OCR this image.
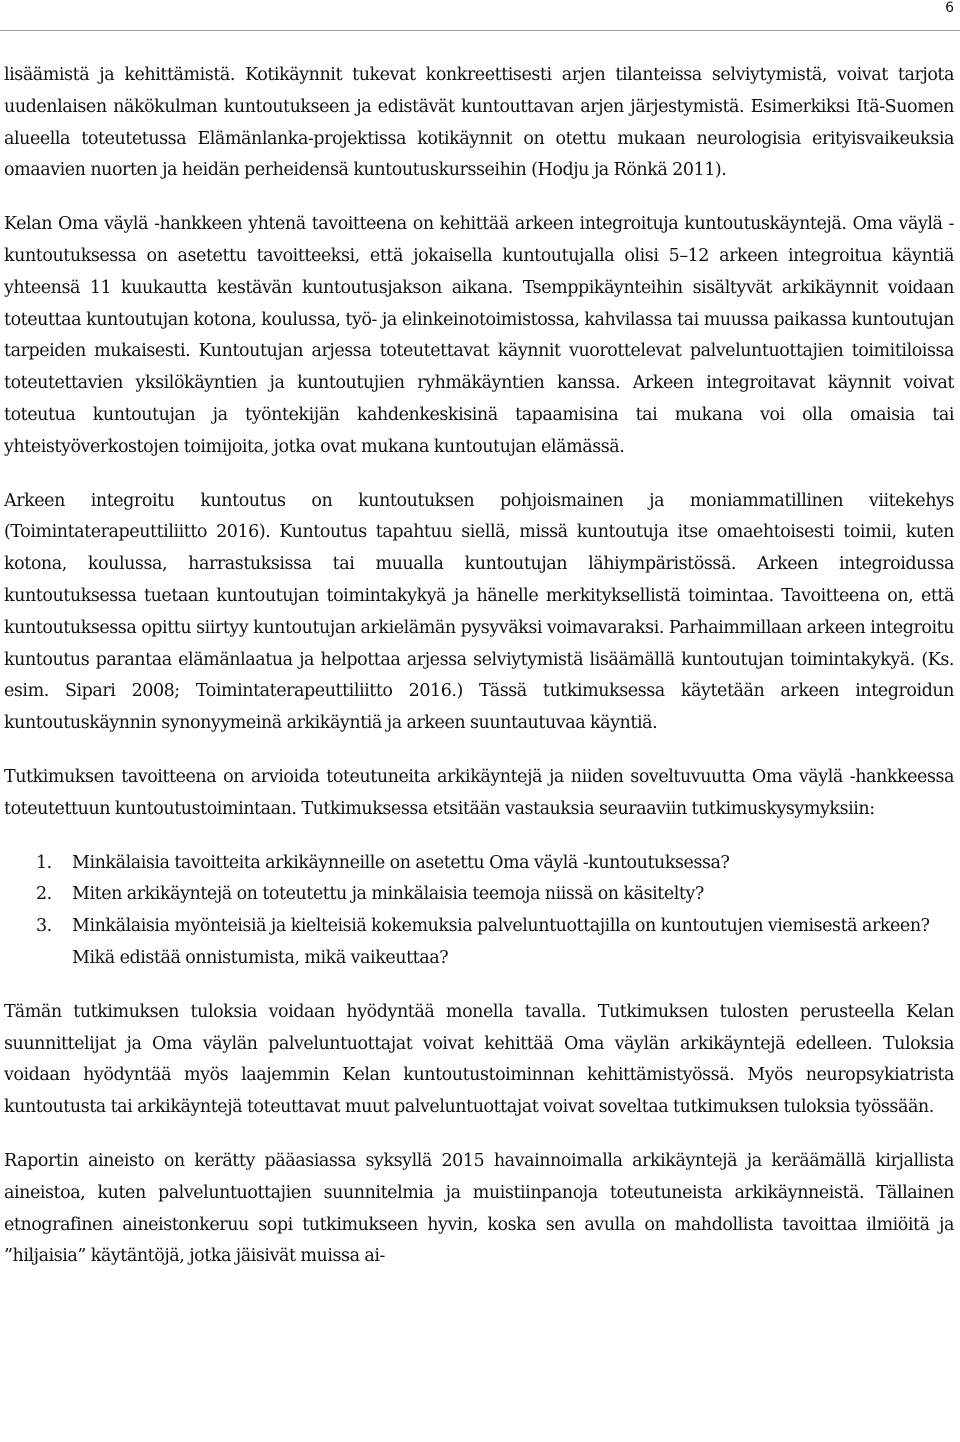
6

lisäämistä ja kehittämistä. Kotikäynnit tukevat konkreettisesti arjen tilanteissa selviytymistä, voivat tarjota uudenlaisen näkökulman kuntoutukseen ja edistävät kuntouttavan arjen järjestymistä. Esimerkiksi Itä-Suomen alueella toteutetussa Elämänlanka-projektissa kotikäynnit on otettu mukaan neurologisia erityisvaikeuksia omaavien nuorten ja heidän perheidensä kuntoutuskursseihin (Hodju ja Rönkä 2011).

Kelan Oma väylä -hankkeen yhtenä tavoitteena on kehittää arkeen integroituja kuntoutuskäyntejä. Oma väylä -kuntoutuksessa on asetettu tavoitteeksi, että jokaisella kuntoutujalla olisi 5–12 arkeen integroitua käyntiä yhteensä 11 kuukautta kestävän kuntoutusjakson aikana. Tsemppikäynteihin sisältyvät arkikäynnit voidaan toteuttaa kuntoutujan kotona, koulussa, työ- ja elinkeinotoimistossa, kahvilassa tai muussa paikassa kuntoutujan tarpeiden mukaisesti. Kuntoutujan arjessa toteutettavat käynnit vuorottelevat palveluntuottajien toimitiloissa toteutettavien yksilökäyntien ja kuntoutujien ryhmäkäyntien kanssa. Arkeen integroitavat käynnit voivat toteutua kuntoutujan ja työntekijän kahdenkeskisinä tapaamisina tai mukana voi olla omaisia tai yhteistyöverkostojen toimijoita, jotka ovat mukana kuntoutujan elämässä.

Arkeen integroitu kuntoutus on kuntoutuksen pohjoismainen ja moniammatillinen viitekehys (Toimintaterapeuttiliitto 2016). Kuntoutus tapahtuu siellä, missä kuntoutuja itse omaehtoisesti toimii, kuten kotona, koulussa, harrastuksissa tai muualla kuntoutujan lähiympäristössä. Arkeen integroidussa kuntoutuksessa tuetaan kuntoutujan toimintakykyä ja hänelle merkityksellistä toimintaa. Tavoitteena on, että kuntoutuksessa opittu siirtyy kuntoutujan arkielämän pysyväksi voimavaraksi. Parhaimmillaan arkeen integroitu kuntoutus parantaa elämänlaatua ja helpottaa arjessa selviytymistä lisäämällä kuntoutujan toimintakykyä. (Ks. esim. Sipari 2008; Toimintaterapeuttiliitto 2016.) Tässä tutkimuksessa käytetään arkeen integroidun kuntoutuskäynnin synonyymeinä arkikäyntiä ja arkeen suuntautuvaa käyntiä.

Tutkimuksen tavoitteena on arvioida toteutuneita arkikäyntejä ja niiden soveltuvuutta Oma väylä -hankkeessa toteutettuun kuntoutustoimintaan. Tutkimuksessa etsitään vastauksia seuraaviin tutkimuskysymyksiin:

1.	Minkälaisia tavoitteita arkikäynneille on asetettu Oma väylä -kuntoutuksessa?
2.	Miten arkikäyntejä on toteutettu ja minkälaisia teemoja niissä on käsitelty?
3.	Minkälaisia myönteisiä ja kielteisiä kokemuksia palveluntuottajilla on kuntoutujen viemisestä arkeen? Mikä edistää onnistumista, mikä vaikeuttaa?

Tämän tutkimuksen tuloksia voidaan hyödyntää monella tavalla. Tutkimuksen tulosten perusteella Kelan suunnittelijat ja Oma väylän palveluntuottajat voivat kehittää Oma väylän arkikäyntejä edelleen. Tuloksia voidaan hyödyntää myös laajemmin Kelan kuntoutustoiminnan kehittämistyössä. Myös neuropsykiatrista kuntoutusta tai arkikäyntejä toteuttavat muut palveluntuottajat voivat soveltaa tutkimuksen tuloksia työssään.

Raportin aineisto on kerätty pääasiassa syksyllä 2015 havainnoimalla arkikäyntejä ja keräämällä kirjallista aineistoa, kuten palveluntuottajien suunnitelmia ja muistiinpanoja toteutuneista arkikäynneistä. Tällainen etnografinen aineistonkeruu sopi tutkimukseen hyvin, koska sen avulla on mahdollista tavoittaa ilmiöitä ja ”hiljaisia” käytäntöjä, jotka jäisivät muissa ai-
